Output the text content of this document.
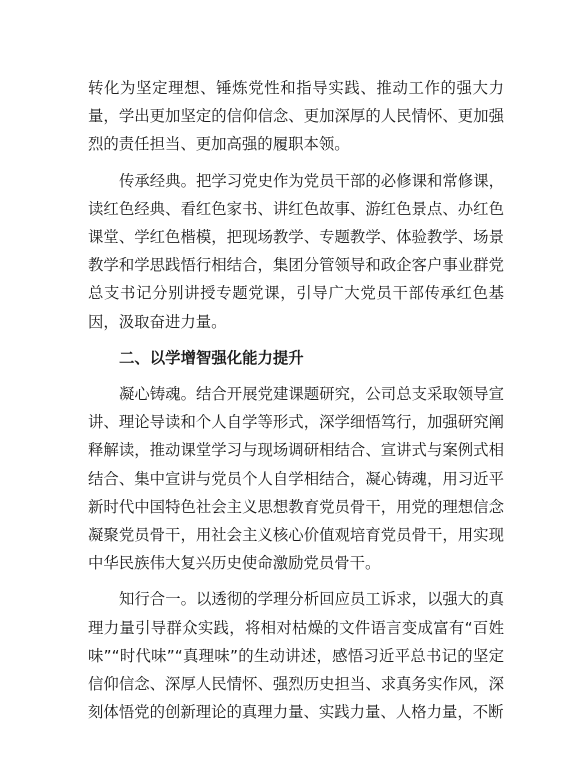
转化为坚定理想、锤炼党性和指导实践、推动工作的强大力量，学出更加坚定的信仰信念、更加深厚的人民情怀、更加强烈的责任担当、更加高强的履职本领。

传承经典。把学习党史作为党员干部的必修课和常修课，读红色经典、看红色家书、讲红色故事、游红色景点、办红色课堂、学红色楷模，把现场教学、专题教学、体验教学、场景教学和学思践悟行相结合，集团分管领导和政企客户事业群党总支书记分别讲授专题党课，引导广大党员干部传承红色基因，汲取奋进力量。

二、以学增智强化能力提升

凝心铸魂。结合开展党建课题研究，公司总支采取领导宣讲、理论导读和个人自学等形式，深学细悟笃行，加强研究阐释解读，推动课堂学习与现场调研相结合、宣讲式与案例式相结合、集中宣讲与党员个人自学相结合，凝心铸魂，用习近平新时代中国特色社会主义思想教育党员骨干，用党的理想信念凝聚党员骨干，用社会主义核心价值观培育党员骨干，用实现中华民族伟大复兴历史使命激励党员骨干。

知行合一。以透彻的学理分析回应员工诉求，以强大的真理力量引导群众实践，将相对枯燥的文件语言变成富有“百姓味”“时代味”“真理味”的生动讲述，感悟习近平总书记的坚定信仰信念、深厚人民情怀、强烈历史担当、求真务实作风，深刻体悟党的创新理论的真理力量、实践力量、人格力量，不断
